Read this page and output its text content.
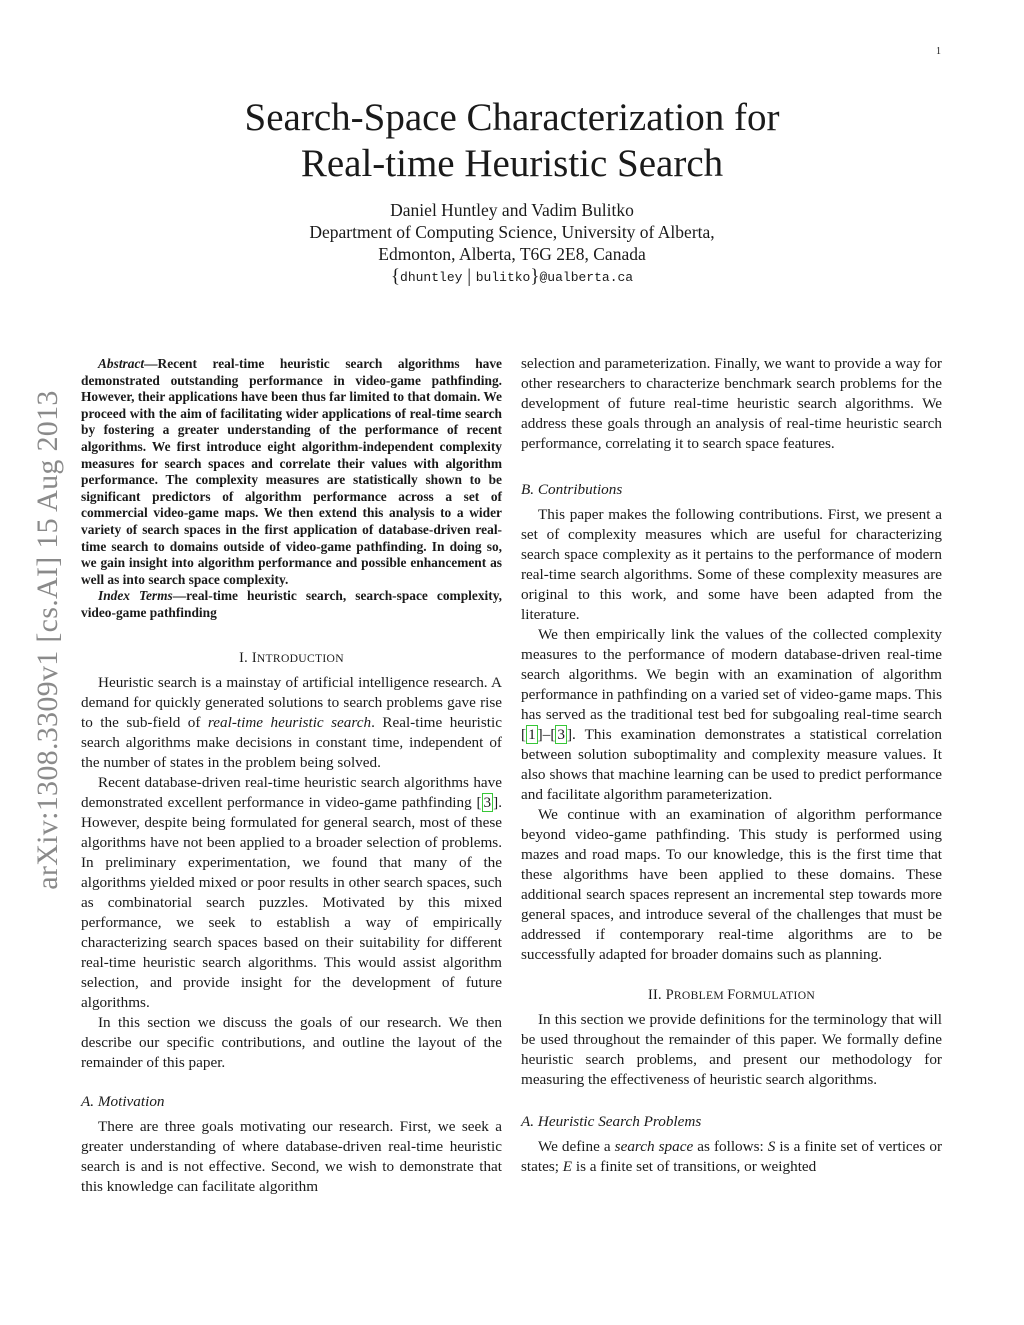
1
arXiv:1308.3309v1 [cs.AI] 15 Aug 2013
Search-Space Characterization for
Real-time Heuristic Search
Daniel Huntley and Vadim Bulitko
Department of Computing Science, University of Alberta,
Edmonton, Alberta, T6G 2E8, Canada
{dhuntley | bulitko}@ualberta.ca

Abstract—Recent real-time heuristic search algorithms have demonstrated outstanding performance in video-game pathfinding. However, their applications have been thus far limited to that domain. We proceed with the aim of facilitating wider applications of real-time search by fostering a greater understanding of the performance of recent algorithms. We first introduce eight algorithm-independent complexity measures for search spaces and correlate their values with algorithm performance. The complexity measures are statistically shown to be significant predictors of algorithm performance across a set of commercial video-game maps. We then extend this analysis to a wider variety of search spaces in the first application of database-driven real-time search to domains outside of video-game pathfinding. In doing so, we gain insight into algorithm performance and possible enhancement as well as into search space complexity.

Index Terms—real-time heuristic search, search-space complexity, video-game pathfinding

I. INTRODUCTION

Heuristic search is a mainstay of artificial intelligence research. A demand for quickly generated solutions to search problems gave rise to the sub-field of real-time heuristic search. Real-time heuristic search algorithms make decisions in constant time, independent of the number of states in the problem being solved.

Recent database-driven real-time heuristic search algorithms have demonstrated excellent performance in video-game pathfinding [ 3 ]. However, despite being formulated for general search, most of these algorithms have not been applied to a broader selection of problems. In preliminary experimentation, we found that many of the algorithms yielded mixed or poor results in other search spaces, such as combinatorial search puzzles. Motivated by this mixed performance, we seek to establish a way of empirically characterizing search spaces based on their suitability for different real-time heuristic search algorithms. This would assist algorithm selection, and provide insight for the development of future algorithms.

In this section we discuss the goals of our research. We then describe our specific contributions, and outline the layout of the remainder of this paper.

A. Motivation

There are three goals motivating our research. First, we seek a greater understanding of where database-driven real-time heuristic search is and is not effective. Second, we wish to demonstrate that this knowledge can facilitate algorithm

selection and parameterization. Finally, we want to provide a way for other researchers to characterize benchmark search problems for the development of future real-time heuristic search algorithms. We address these goals through an analysis of real-time heuristic search performance, correlating it to search space features.

B. Contributions

This paper makes the following contributions. First, we present a set of complexity measures which are useful for characterizing search space complexity as it pertains to the performance of modern real-time search algorithms. Some of these complexity measures are original to this work, and some have been adapted from the literature.

We then empirically link the values of the collected complexity measures to the performance of modern database-driven real-time search algorithms. We begin with an examination of algorithm performance in pathfinding on a varied set of video-game maps. This has served as the traditional test bed for subgoaling real-time search [ 1 ]–[ 3 ]. This examination demonstrates a statistical correlation between solution suboptimality and complexity measure values. It also shows that machine learning can be used to predict performance and facilitate algorithm parameterization.

We continue with an examination of algorithm performance beyond video-game pathfinding. This study is performed using mazes and road maps. To our knowledge, this is the first time that these algorithms have been applied to these domains. These additional search spaces represent an incremental step towards more general spaces, and introduce several of the challenges that must be addressed if contemporary real-time algorithms are to be successfully adapted for broader domains such as planning.

II. PROBLEM FORMULATION

In this section we provide definitions for the terminology that will be used throughout the remainder of this paper. We formally define heuristic search problems, and present our methodology for measuring the effectiveness of heuristic search algorithms.

A. Heuristic Search Problems

We define a search space as follows: S is a finite set of vertices or states; E is a finite set of transitions, or weighted
